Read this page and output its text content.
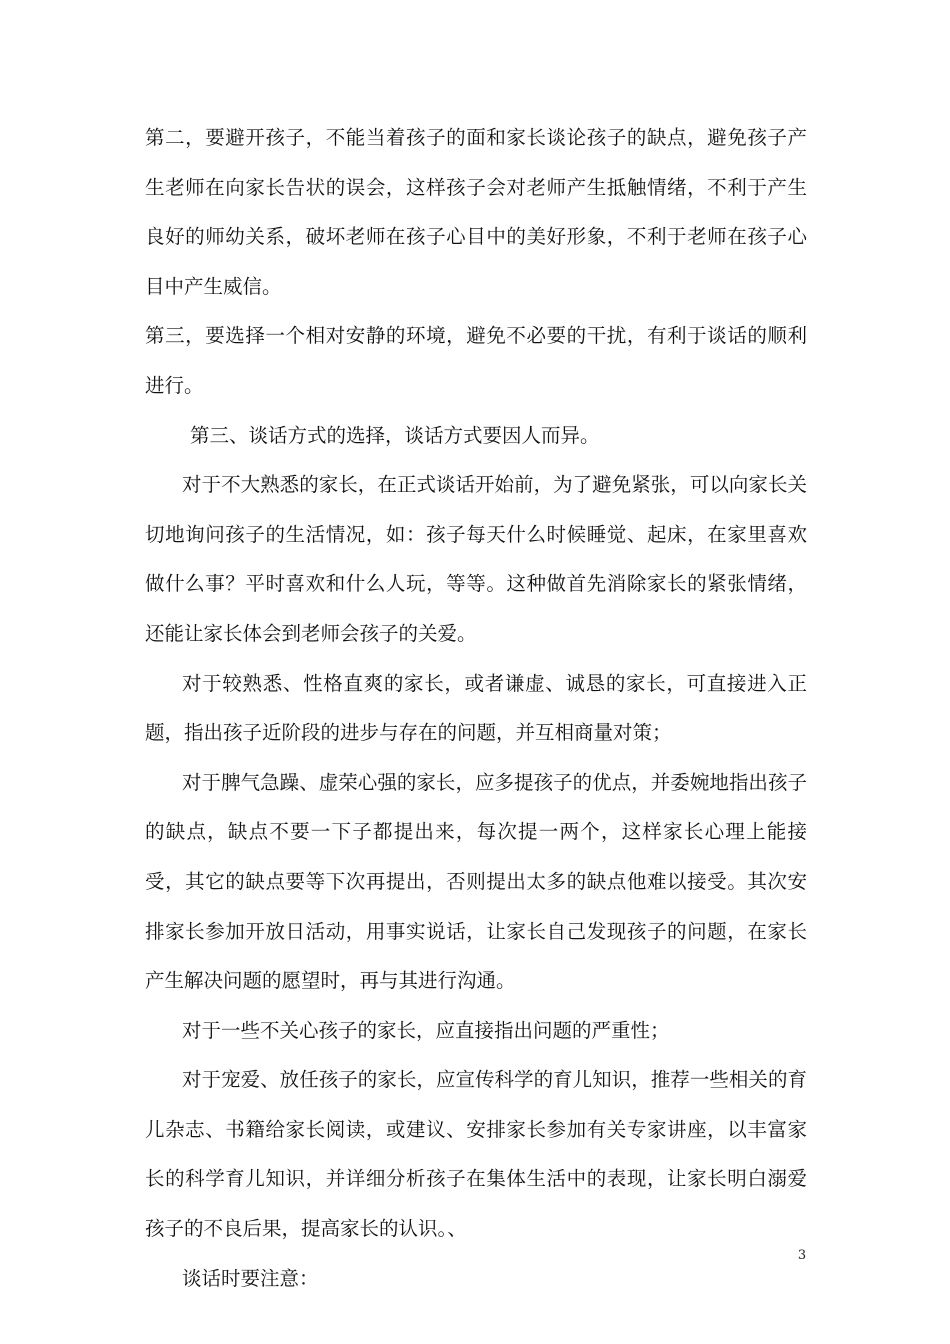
第二，要避开孩子，不能当着孩子的面和家长谈论孩子的缺点，避免孩子产生老师在向家长告状的误会，这样孩子会对老师产生抵触情绪，不利于产生良好的师幼关系，破坏老师在孩子心目中的美好形象，不利于老师在孩子心目中产生威信。

第三，要选择一个相对安静的环境，避免不必要的干扰，有利于谈话的顺利进行。

第三、谈话方式的选择，谈话方式要因人而异。

对于不大熟悉的家长，在正式谈话开始前，为了避免紧张，可以向家长关切地询问孩子的生活情况，如：孩子每天什么时候睡觉、起床，在家里喜欢做什么事？平时喜欢和什么人玩，等等。这种做首先消除家长的紧张情绪，还能让家长体会到老师会孩子的关爱。

对于较熟悉、性格直爽的家长，或者谦虚、诚恳的家长，可直接进入正题，指出孩子近阶段的进步与存在的问题，并互相商量对策；

对于脾气急躁、虚荣心强的家长，应多提孩子的优点，并委婉地指出孩子的缺点，缺点不要一下子都提出来，每次提一两个，这样家长心理上能接受，其它的缺点要等下次再提出，否则提出太多的缺点他难以接受。其次安排家长参加开放日活动，用事实说话，让家长自己发现孩子的问题，在家长产生解决问题的愿望时，再与其进行沟通。

对于一些不关心孩子的家长，应直接指出问题的严重性；

对于宠爱、放任孩子的家长，应宣传科学的育儿知识，推荐一些相关的育儿杂志、书籍给家长阅读，或建议、安排家长参加有关专家讲座，以丰富家长的科学育儿知识，并详细分析孩子在集体生活中的表现，让家长明白溺爱孩子的不良后果，提高家长的认识。、

谈话时要注意：

3
